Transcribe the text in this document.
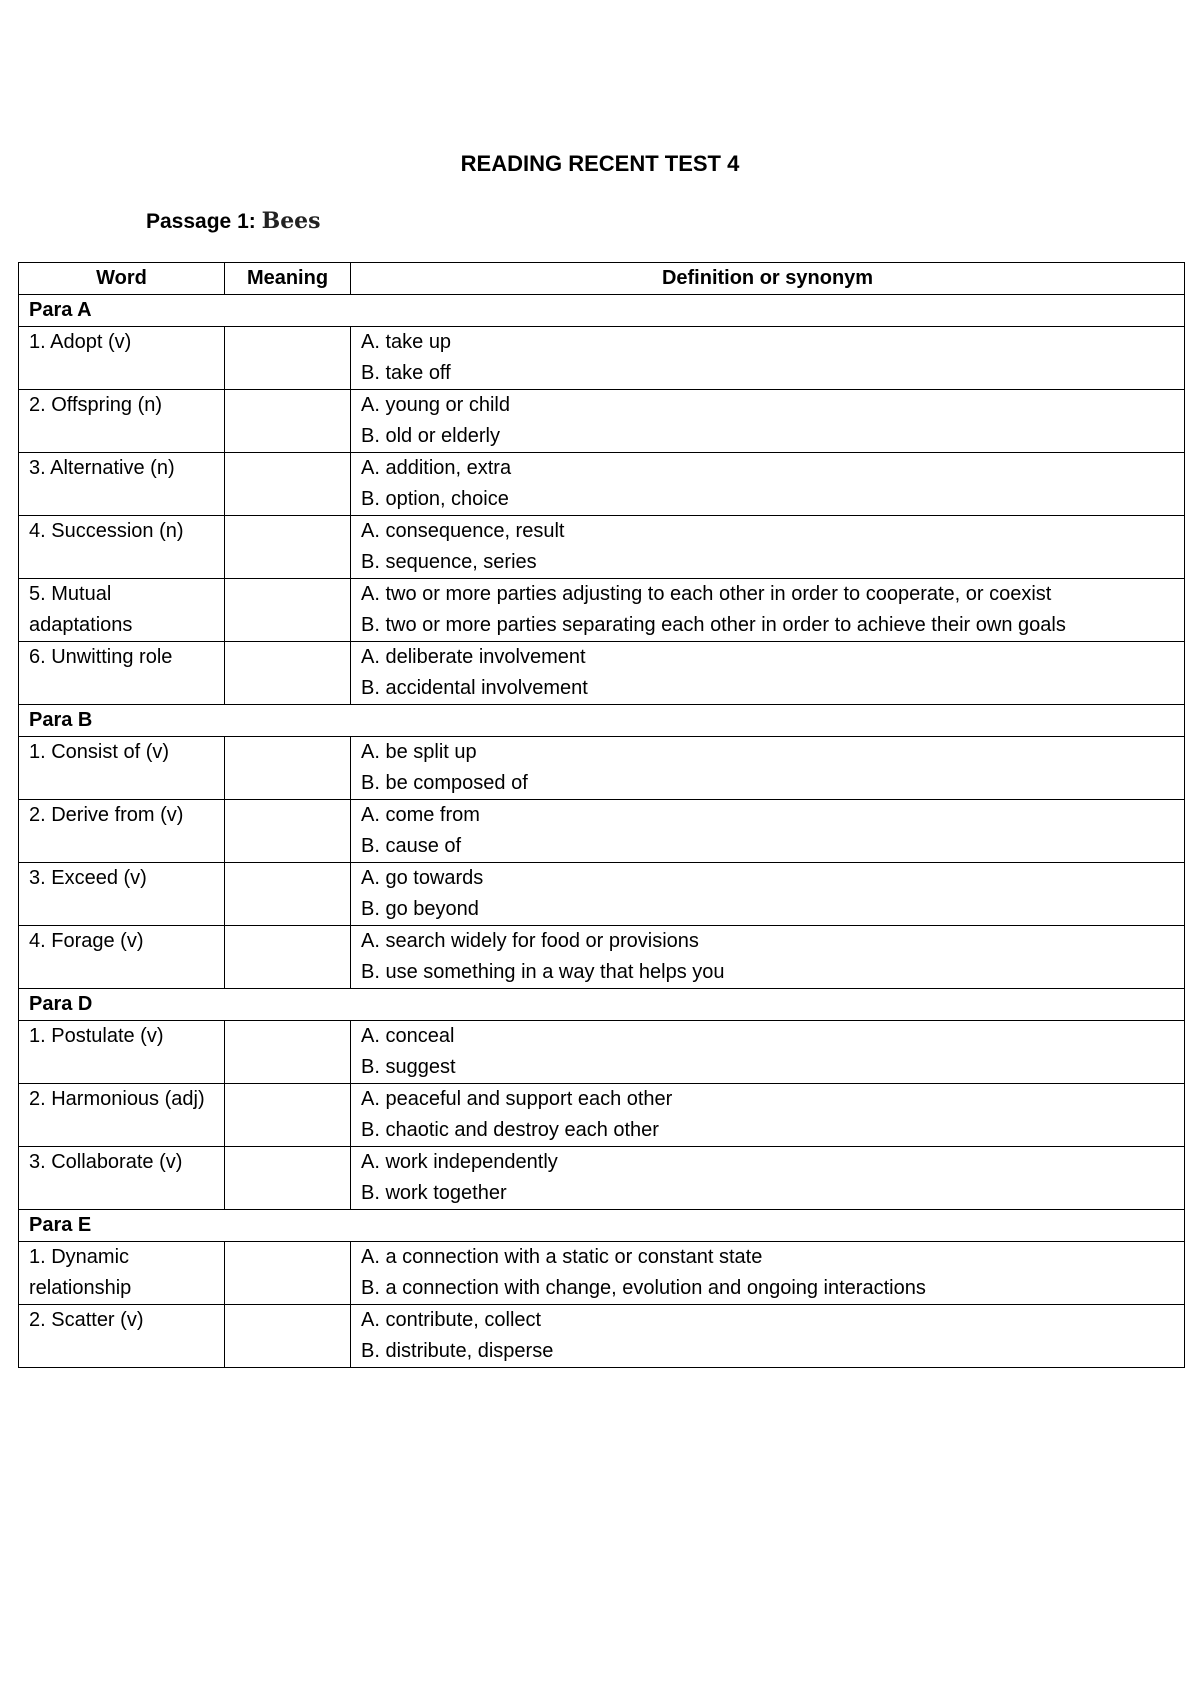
READING RECENT TEST 4
Passage 1: Bees
Word	Meaning	Definition or synonym
Para A		
1. Adopt (v)		A. take up
B. take off

2. Offspring (n)		A. young or child
B. old or elderly

3. Alternative (n)		A. addition, extra
B. option, choice

4. Succession (n)		A. consequence, result
B. sequence, series

5. Mutual adaptations		A. two or more parties adjusting to each other in order to cooperate, or coexist
B. two or more parties separating each other in order to achieve their own goals

6. Unwitting role		A. deliberate involvement
B. accidental involvement

Para B		
1. Consist of (v)		A. be split up
B. be composed of

2. Derive from (v)		A. come from
B. cause of

3. Exceed (v)		A. go towards
B. go beyond

4. Forage (v)		A. search widely for food or provisions
B. use something in a way that helps you

Para D		
1. Postulate (v)		A. conceal
B. suggest

2. Harmonious (adj)		A. peaceful and support each other
B. chaotic and destroy each other

3. Collaborate (v)		A. work independently
B. work together

Para E		
1. Dynamic relationship		A. a connection with a static or constant state
B. a connection with change, evolution and ongoing interactions

2. Scatter (v)		A. contribute, collect
B. distribute, disperse
